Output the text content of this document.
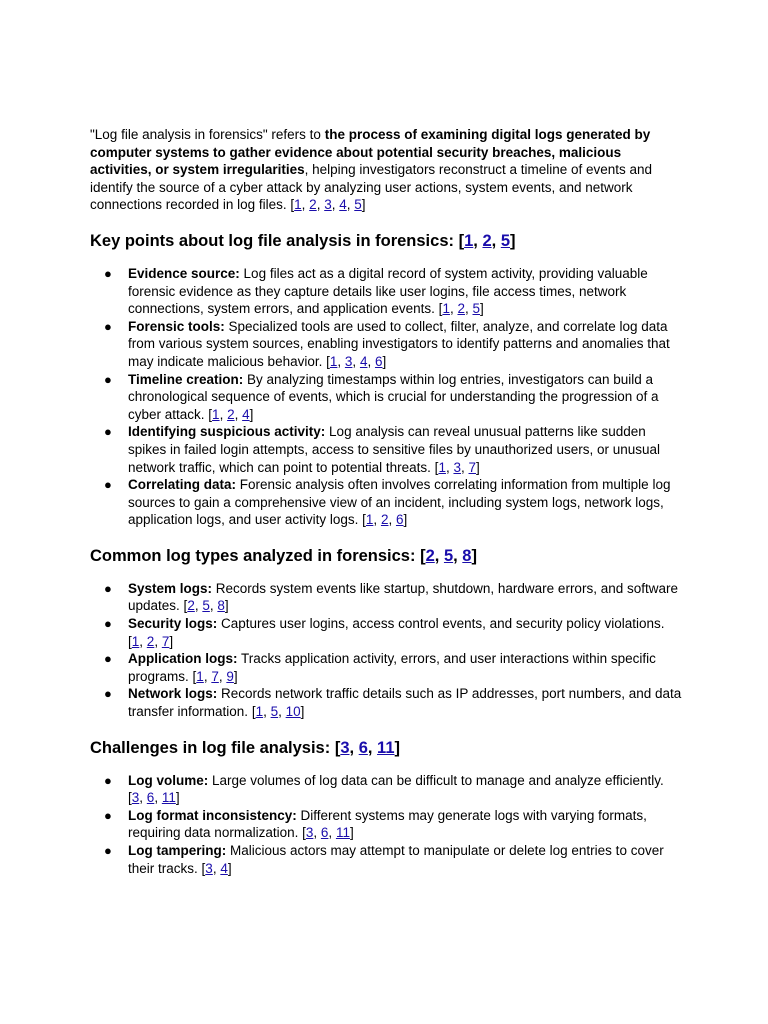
"Log file analysis in forensics" refers to the process of examining digital logs generated by computer systems to gather evidence about potential security breaches, malicious activities, or system irregularities, helping investigators reconstruct a timeline of events and identify the source of a cyber attack by analyzing user actions, system events, and network connections recorded in log files. [1, 2, 3, 4, 5]

Key points about log file analysis in forensics: [1, 2, 5]
● Evidence source: Log files act as a digital record of system activity, providing valuable forensic evidence as they capture details like user logins, file access times, network connections, system errors, and application events. [1, 2, 5]
● Forensic tools: Specialized tools are used to collect, filter, analyze, and correlate log data from various system sources, enabling investigators to identify patterns and anomalies that may indicate malicious behavior. [1, 3, 4, 6]
● Timeline creation: By analyzing timestamps within log entries, investigators can build a chronological sequence of events, which is crucial for understanding the progression of a cyber attack. [1, 2, 4]
● Identifying suspicious activity: Log analysis can reveal unusual patterns like sudden spikes in failed login attempts, access to sensitive files by unauthorized users, or unusual network traffic, which can point to potential threats. [1, 3, 7]
● Correlating data: Forensic analysis often involves correlating information from multiple log sources to gain a comprehensive view of an incident, including system logs, network logs, application logs, and user activity logs. [1, 2, 6]
Common log types analyzed in forensics: [2, 5, 8]
● System logs: Records system events like startup, shutdown, hardware errors, and software updates. [2, 5, 8]
● Security logs: Captures user logins, access control events, and security policy violations. [1, 2, 7]
● Application logs: Tracks application activity, errors, and user interactions within specific programs. [1, 7, 9]
● Network logs: Records network traffic details such as IP addresses, port numbers, and data transfer information. [1, 5, 10]
Challenges in log file analysis: [3, 6, 11]
● Log volume: Large volumes of log data can be difficult to manage and analyze efficiently. [3, 6, 11]
● Log format inconsistency: Different systems may generate logs with varying formats, requiring data normalization. [3, 6, 11]
● Log tampering: Malicious actors may attempt to manipulate or delete log entries to cover their tracks. [3, 4]
